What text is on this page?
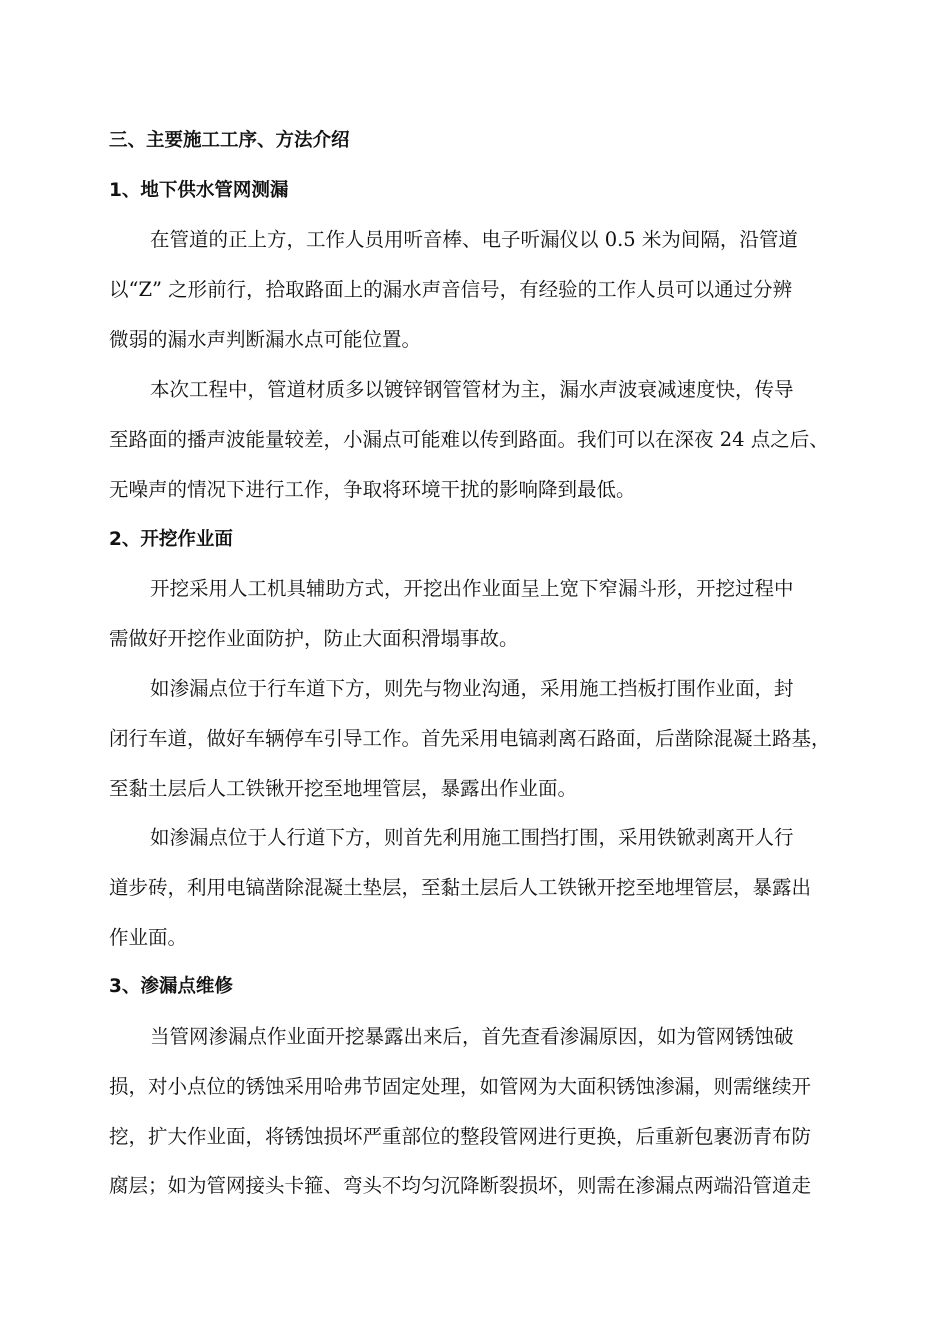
三、主要施工工序、方法介绍
1、地下供水管网测漏
在管道的正上方，工作人员用听音棒、电子听漏仪以 0.5 米为间隔，沿管道
以“Z” 之形前行，拾取路面上的漏水声音信号，有经验的工作人员可以通过分辨
微弱的漏水声判断漏水点可能位置。
本次工程中，管道材质多以镀锌钢管管材为主，漏水声波衰减速度快，传导
至路面的播声波能量较差，小漏点可能难以传到路面。我们可以在深夜 24 点之后、
无噪声的情况下进行工作，争取将环境干扰的影响降到最低。
2、开挖作业面
开挖采用人工机具辅助方式，开挖出作业面呈上宽下窄漏斗形，开挖过程中
需做好开挖作业面防护，防止大面积滑塌事故。
如渗漏点位于行车道下方，则先与物业沟通，采用施工挡板打围作业面，封
闭行车道，做好车辆停车引导工作。首先采用电镐剥离石路面，后凿除混凝土路基，
至黏土层后人工铁锹开挖至地埋管层，暴露出作业面。
如渗漏点位于人行道下方，则首先利用施工围挡打围，采用铁锨剥离开人行
道步砖，利用电镐凿除混凝土垫层，至黏土层后人工铁锹开挖至地埋管层，暴露出
作业面。
3、渗漏点维修
当管网渗漏点作业面开挖暴露出来后，首先查看渗漏原因，如为管网锈蚀破
损，对小点位的锈蚀采用哈弗节固定处理，如管网为大面积锈蚀渗漏，则需继续开
挖，扩大作业面，将锈蚀损坏严重部位的整段管网进行更换，后重新包裹沥青布防
腐层；如为管网接头卡箍、弯头不均匀沉降断裂损坏，则需在渗漏点两端沿管道走
